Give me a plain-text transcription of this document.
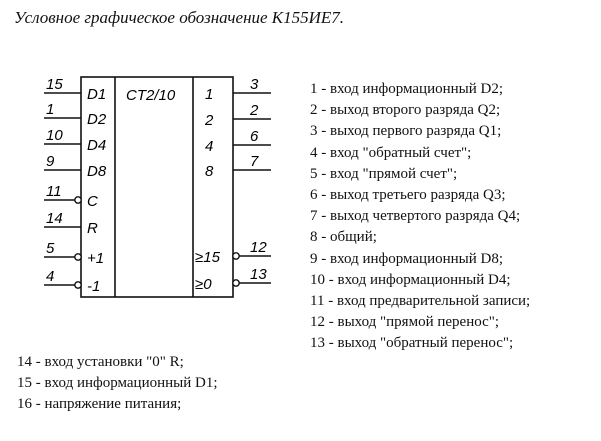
Условное графическое обозначение К155ИЕ7.
15
D1
1
D2
10
D4
9
D8
11
C
14
R
5
+1
4
-1
3
1
2
2
6
4
7
8
12
≥15
13
≥0
CT2/10	1 - вход информационный D2;
2 - выход второго разряда Q2;
3 - выход первого разряда Q1;
4 - вход "обратный счет";
5 - вход "прямой счет";
6 - выход третьего разряда Q3;
7 - выход четвертого разряда Q4;
8 - общий;
9 - вход информационный D8;
10 - вход информационный D4;
11 - вход предварительной записи;
12 - выход "прямой перенос";
13 - выход "обратный перенос";
14 - вход установки "0" R;
15 - вход информационный D1;
16 - напряжение питания;
